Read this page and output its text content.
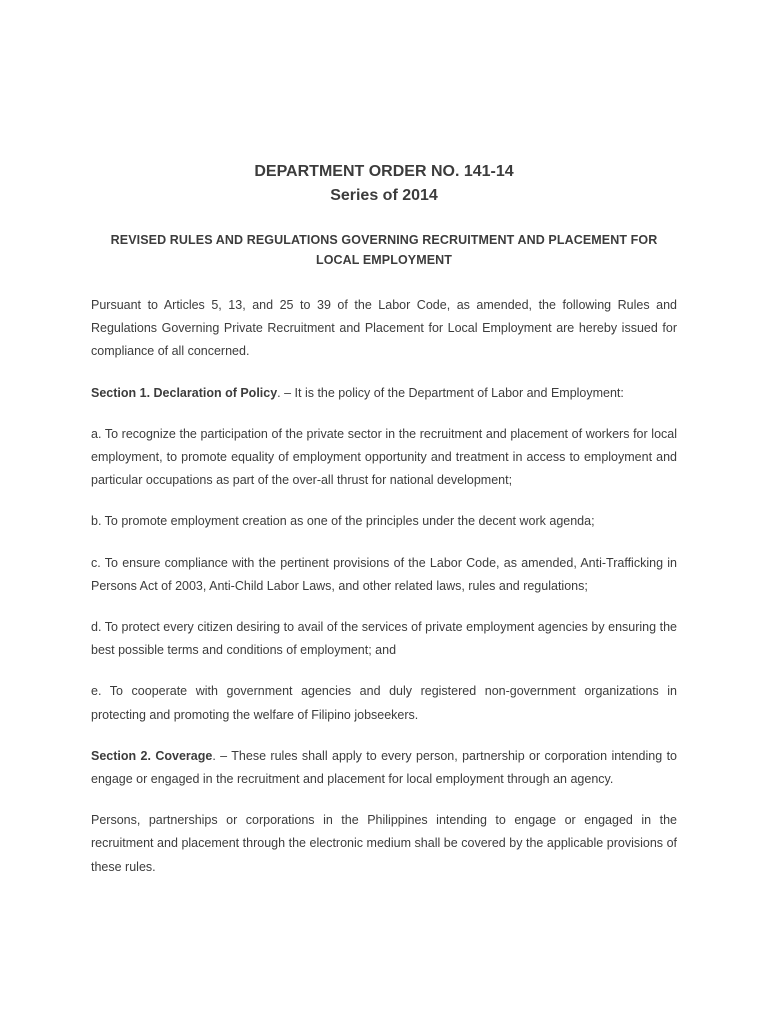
DEPARTMENT ORDER NO. 141-14
Series of 2014
REVISED RULES AND REGULATIONS GOVERNING RECRUITMENT AND PLACEMENT FOR LOCAL EMPLOYMENT

Pursuant to Articles 5, 13, and 25 to 39 of the Labor Code, as amended, the following Rules and Regulations Governing Private Recruitment and Placement for Local Employment are hereby issued for compliance of all concerned.

Section 1. Declaration of Policy. – It is the policy of the Department of Labor and Employment:

a. To recognize the participation of the private sector in the recruitment and placement of workers for local employment, to promote equality of employment opportunity and treatment in access to employment and particular occupations as part of the over-all thrust for national development;

b. To promote employment creation as one of the principles under the decent work agenda;

c. To ensure compliance with the pertinent provisions of the Labor Code, as amended, Anti-Trafficking in Persons Act of 2003, Anti-Child Labor Laws, and other related laws, rules and regulations;

d. To protect every citizen desiring to avail of the services of private employment agencies by ensuring the best possible terms and conditions of employment; and

e. To cooperate with government agencies and duly registered non-government organizations in protecting and promoting the welfare of Filipino jobseekers.

Section 2. Coverage. – These rules shall apply to every person, partnership or corporation intending to engage or engaged in the recruitment and placement for local employment through an agency.

Persons, partnerships or corporations in the Philippines intending to engage or engaged in the recruitment and placement through the electronic medium shall be covered by the applicable provisions of these rules.
